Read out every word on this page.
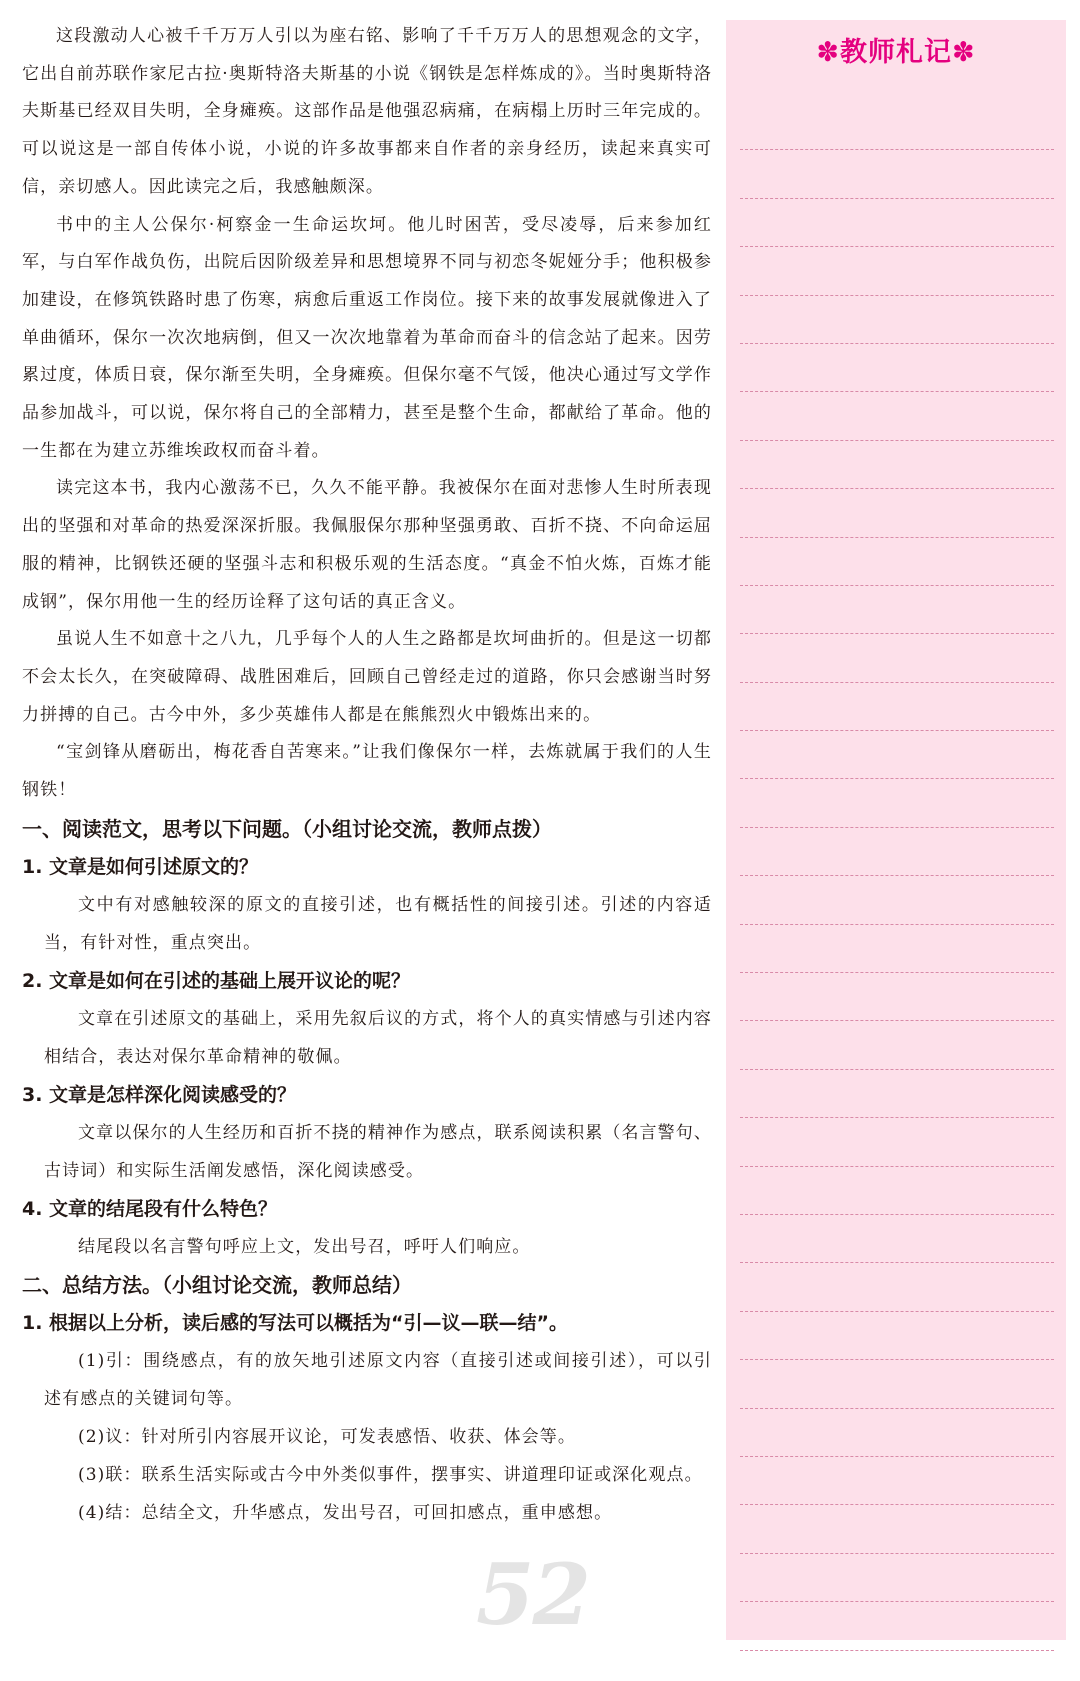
52

这段激动人心被千千万万人引以为座右铭、影响了千千万万人的思想观念的文字，它出自前苏联作家尼古拉·奥斯特洛夫斯基的小说《钢铁是怎样炼成的》。当时奥斯特洛夫斯基已经双目失明，全身瘫痪。这部作品是他强忍病痛，在病榻上历时三年完成的。可以说这是一部自传体小说，小说的许多故事都来自作者的亲身经历，读起来真实可信，亲切感人。因此读完之后，我感触颇深。

书中的主人公保尔·柯察金一生命运坎坷。他儿时困苦，受尽凌辱，后来参加红军，与白军作战负伤，出院后因阶级差异和思想境界不同与初恋冬妮娅分手；他积极参加建设，在修筑铁路时患了伤寒，病愈后重返工作岗位。接下来的故事发展就像进入了单曲循环，保尔一次次地病倒，但又一次次地靠着为革命而奋斗的信念站了起来。因劳累过度，体质日衰，保尔渐至失明，全身瘫痪。但保尔毫不气馁，他决心通过写文学作品参加战斗，可以说，保尔将自己的全部精力，甚至是整个生命，都献给了革命。他的一生都在为建立苏维埃政权而奋斗着。

读完这本书，我内心激荡不已，久久不能平静。我被保尔在面对悲惨人生时所表现出的坚强和对革命的热爱深深折服。我佩服保尔那种坚强勇敢、百折不挠、不向命运屈服的精神，比钢铁还硬的坚强斗志和积极乐观的生活态度。“真金不怕火炼，百炼才能成钢”，保尔用他一生的经历诠释了这句话的真正含义。

虽说人生不如意十之八九，几乎每个人的人生之路都是坎坷曲折的。但是这一切都不会太长久，在突破障碍、战胜困难后，回顾自己曾经走过的道路，你只会感谢当时努力拼搏的自己。古今中外，多少英雄伟人都是在熊熊烈火中锻炼出来的。

“宝剑锋从磨砺出，梅花香自苦寒来。”让我们像保尔一样，去炼就属于我们的人生钢铁！

一、阅读范文，思考以下问题。（小组讨论交流，教师点拨）

1. 文章是如何引述原文的？

文中有对感触较深的原文的直接引述，也有概括性的间接引述。引述的内容适当，有针对性，重点突出。

2. 文章是如何在引述的基础上展开议论的呢？

文章在引述原文的基础上，采用先叙后议的方式，将个人的真实情感与引述内容相结合，表达对保尔革命精神的敬佩。

3. 文章是怎样深化阅读感受的？

文章以保尔的人生经历和百折不挠的精神作为感点，联系阅读积累（名言警句、古诗词）和实际生活阐发感悟，深化阅读感受。

4. 文章的结尾段有什么特色？

结尾段以名言警句呼应上文，发出号召，呼吁人们响应。

二、总结方法。（小组讨论交流，教师总结）

1. 根据以上分析，读后感的写法可以概括为“引—议—联—结”。

(1)引：围绕感点，有的放矢地引述原文内容（直接引述或间接引述），可以引述有感点的关键词句等。

(2)议：针对所引内容展开议论，可发表感悟、收获、体会等。

(3)联：联系生活实际或古今中外类似事件，摆事实、讲道理印证或深化观点。

(4)结：总结全文，升华感点，发出号召，可回扣感点，重申感想。

✽教师札记✽
